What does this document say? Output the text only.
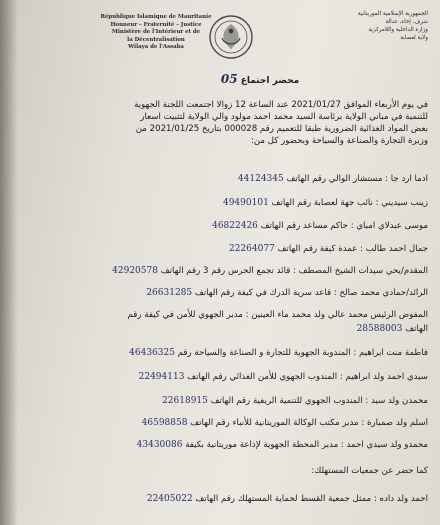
République Islamique de Mauritanie
Honneur – Fraternité – Justice
Ministère de l'Intérieur et de
la Décentralisation
Wilaya de l'Assaba
الجمهورية الإسلامية الموريتانية
شرف، إخاء، عدالة
وزارة الداخلية واللامركزية
ولاية لعصابة
محضر اجتماع 05
في يوم الأربعاء الموافق 2021/01/27 عند الساعة 12 زوالا اجتمعت اللجنة الجهوية
للتنمية في مباني الولاية برئاسة السيد محمد احمد مولود والي الولاية لتثبيت اسعار
بعض المواد الغذائية الضرورية طبقا للتعميم رقم 000028 بتاريخ 2021/01/25 من
وزيرة التجارة والصناعة والسياحة وبحضور كل من:
ادما ارد جا : مستشار الوالي رقم الهاتف 44124345
زينب سيديني : نائب جهة لعصابة رقم الهاتف 49490101
موسى عبدلاي امباي : حاكم مساعد رقم الهاتف 46822426
جمال احمد طالب : عمدة كيفة رقم الهاتف 22264077
المقدم/يحي سيدات الشيخ المصطف : قائد تجمع الحرس رقم 3 رقم الهاتف 42920578
الرائد/حمادي محمد صالح : قاعد سرية الدرك في كيفة رقم الهاتف 26631285
المفوض الرئيس محمد عالي ولد محمد ماء العينين : مدير الجهوي للأمن في كيفة رقم
الهاتف 28588003
فاطمة منت ابراهيم : المندوبة الجهوية للتجارة و الصناعة والسياحة رقم 46436325
سيدي احمد ولد ابراهيم : المندوب الجهوي للأمن الغذائي رقم الهاتف 22494113
محمدن ولد سيد : المندوب الجهوي للتنمية الريفية رقم الهاتف 22618915
اسلم ولد صمبارة : مدير مكتب الوكالة الموريتانية للأنباء رقم الهاتف 46598858
محمدو ولد سيدي احمد : مدير المحطة الجهوية لإذاعة موريتانية بكيفة 43430086
كما حضر عن جمعيات المستهلك:
احمد ولد داده : ممثل جمعية القسط لحماية المستهلك رقم الهاتف 22405022
